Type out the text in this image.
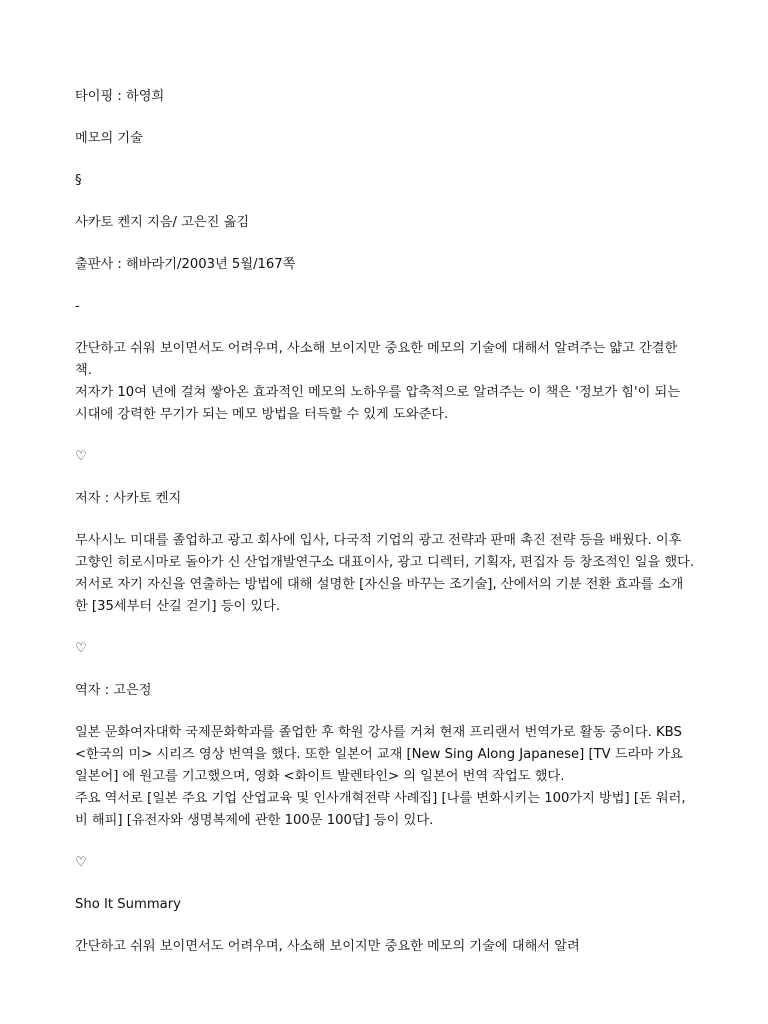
타이핑 : 하영희

메모의 기술

§

사카토 켄지 지음/ 고은진 옮김

출판사 : 해바라기/2003년 5월/167쪽

-

간단하고 쉬워 보이면서도 어려우며, 사소해 보이지만 중요한 메모의 기술에 대해서 알려주는 얇고 간결한 책.
저자가 10여 년에 걸쳐 쌓아온 효과적인 메모의 노하우를 압축적으로 알려주는 이 책은 '정보가 힘'이 되는 시대에 강력한 무기가 되는 메모 방법을 터득할 수 있게 도와준다.

♡

저자 : 사카토 켄지

무사시노 미대를 졸업하고 광고 회사에 입사, 다국적 기업의 광고 전략과 판매 촉진 전략 등을 배웠다. 이후 고향인 히로시마로 돌아가 신 산업개발연구소 대표이사, 광고 디렉터, 기획자, 편집자 등 창조적인 일을 했다. 저서로 자기 자신을 연출하는 방법에 대해 설명한 [자신을 바꾸는 조기술], 산에서의 기분 전환 효과를 소개한 [35세부터 산길 걷기] 등이 있다.

♡

역자 : 고은정

일본 문화여자대학 국제문화학과를 졸업한 후 학원 강사를 거쳐 현재 프리랜서 번역가로 활동 중이다. KBS <한국의 미> 시리즈 영상 번역을 했다. 또한 일본어 교재 [New Sing Along Japanese] [TV 드라마 가요 일본어] 에 원고를 기고했으며, 영화 <화이트 발렌타인> 의 일본어 번역 작업도 했다.
주요 역서로 [일본 주요 기업 산업교육 및 인사개혁전략 사례집] [나를 변화시키는 100가지 방법] [돈 워러, 비 해피] [유전자와 생명복제에 관한 100문 100답] 등이 있다.

♡

Sho It Summary

간단하고 쉬워 보이면서도 어려우며, 사소해 보이지만 중요한 메모의 기술에 대해서 알려
